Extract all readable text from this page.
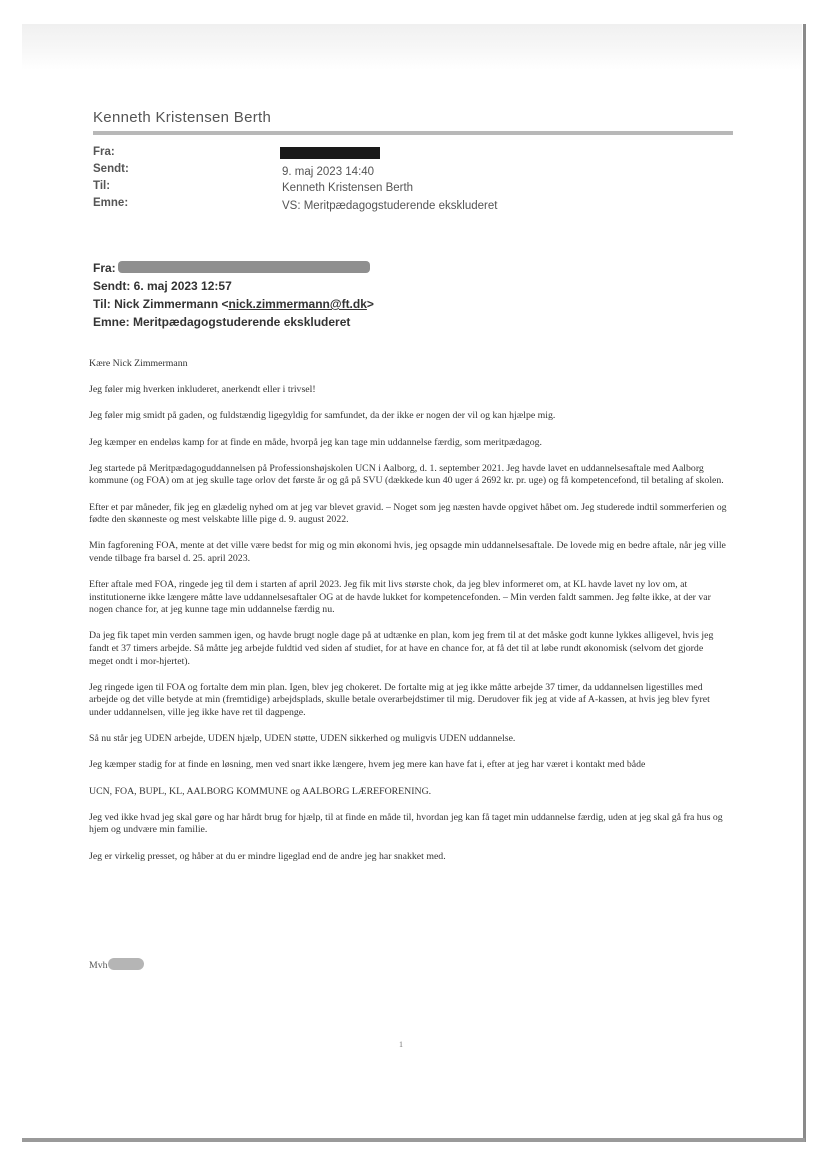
Kenneth Kristensen Berth
Fra:
Sendt:
Til:
Emne:
9. maj 2023 14:40
Kenneth Kristensen Berth
VS: Meritpædagogstuderende ekskluderet
Fra:
Sendt: 6. maj 2023 12:57
Til: Nick Zimmermann <nick.zimmermann@ft.dk>
Emne: Meritpædagogstuderende ekskluderet

Kære Nick Zimmermann

Jeg føler mig hverken inkluderet, anerkendt eller i trivsel!

Jeg føler mig smidt på gaden, og fuldstændig ligegyldig for samfundet, da der ikke er nogen der vil og kan hjælpe mig.

Jeg kæmper en endeløs kamp for at finde en måde, hvorpå jeg kan tage min uddannelse færdig, som meritpædagog.

Jeg startede på Meritpædagoguddannelsen på Professionshøjskolen UCN i Aalborg, d. 1. september 2021. Jeg havde lavet en uddannelsesaftale med Aalborg kommune (og FOA) om at jeg skulle tage orlov det første år og gå på SVU (dækkede kun 40 uger á 2692 kr. pr. uge) og få kompetencefond, til betaling af skolen.

Efter et par måneder, fik jeg en glædelig nyhed om at jeg var blevet gravid. – Noget som jeg næsten havde opgivet håbet om. Jeg studerede indtil sommerferien og fødte den skønneste og mest velskabte lille pige d. 9. august 2022.

Min fagforening FOA, mente at det ville være bedst for mig og min økonomi hvis, jeg opsagde min uddannelsesaftale. De lovede mig en bedre aftale, når jeg ville vende tilbage fra barsel d. 25. april 2023.

Efter aftale med FOA, ringede jeg til dem i starten af april 2023. Jeg fik mit livs største chok, da jeg blev informeret om, at KL havde lavet ny lov om, at institutionerne ikke længere måtte lave uddannelsesaftaler OG at de havde lukket for kompetencefonden. – Min verden faldt sammen. Jeg følte ikke, at der var nogen chance for, at jeg kunne tage min uddannelse færdig nu.

Da jeg fik tapet min verden sammen igen, og havde brugt nogle dage på at udtænke en plan, kom jeg frem til at det måske godt kunne lykkes alligevel, hvis jeg fandt et 37 timers arbejde. Så måtte jeg arbejde fuldtid ved siden af studiet, for at have en chance for, at få det til at løbe rundt økonomisk (selvom det gjorde meget ondt i mor-hjertet).

Jeg ringede igen til FOA og fortalte dem min plan. Igen, blev jeg chokeret. De fortalte mig at jeg ikke måtte arbejde 37 timer, da uddannelsen ligestilles med arbejde og det ville betyde at min (fremtidige) arbejdsplads, skulle betale overarbejdstimer til mig. Derudover fik jeg at vide af A-kassen, at hvis jeg blev fyret under uddannelsen, ville jeg ikke have ret til dagpenge.

Så nu står jeg UDEN arbejde, UDEN hjælp, UDEN støtte, UDEN sikkerhed og muligvis UDEN uddannelse.

Jeg kæmper stadig for at finde en løsning, men ved snart ikke længere, hvem jeg mere kan have fat i, efter at jeg har været i kontakt med både

UCN, FOA, BUPL, KL, AALBORG KOMMUNE og AALBORG LÆREFORENING.

Jeg ved ikke hvad jeg skal gøre og har hårdt brug for hjælp, til at finde en måde til, hvordan jeg kan få taget min uddannelse færdig, uden at jeg skal gå fra hus og hjem og undvære min familie.

Jeg er virkelig presset, og håber at du er mindre ligeglad end de andre jeg har snakket med.

Mvh
1
